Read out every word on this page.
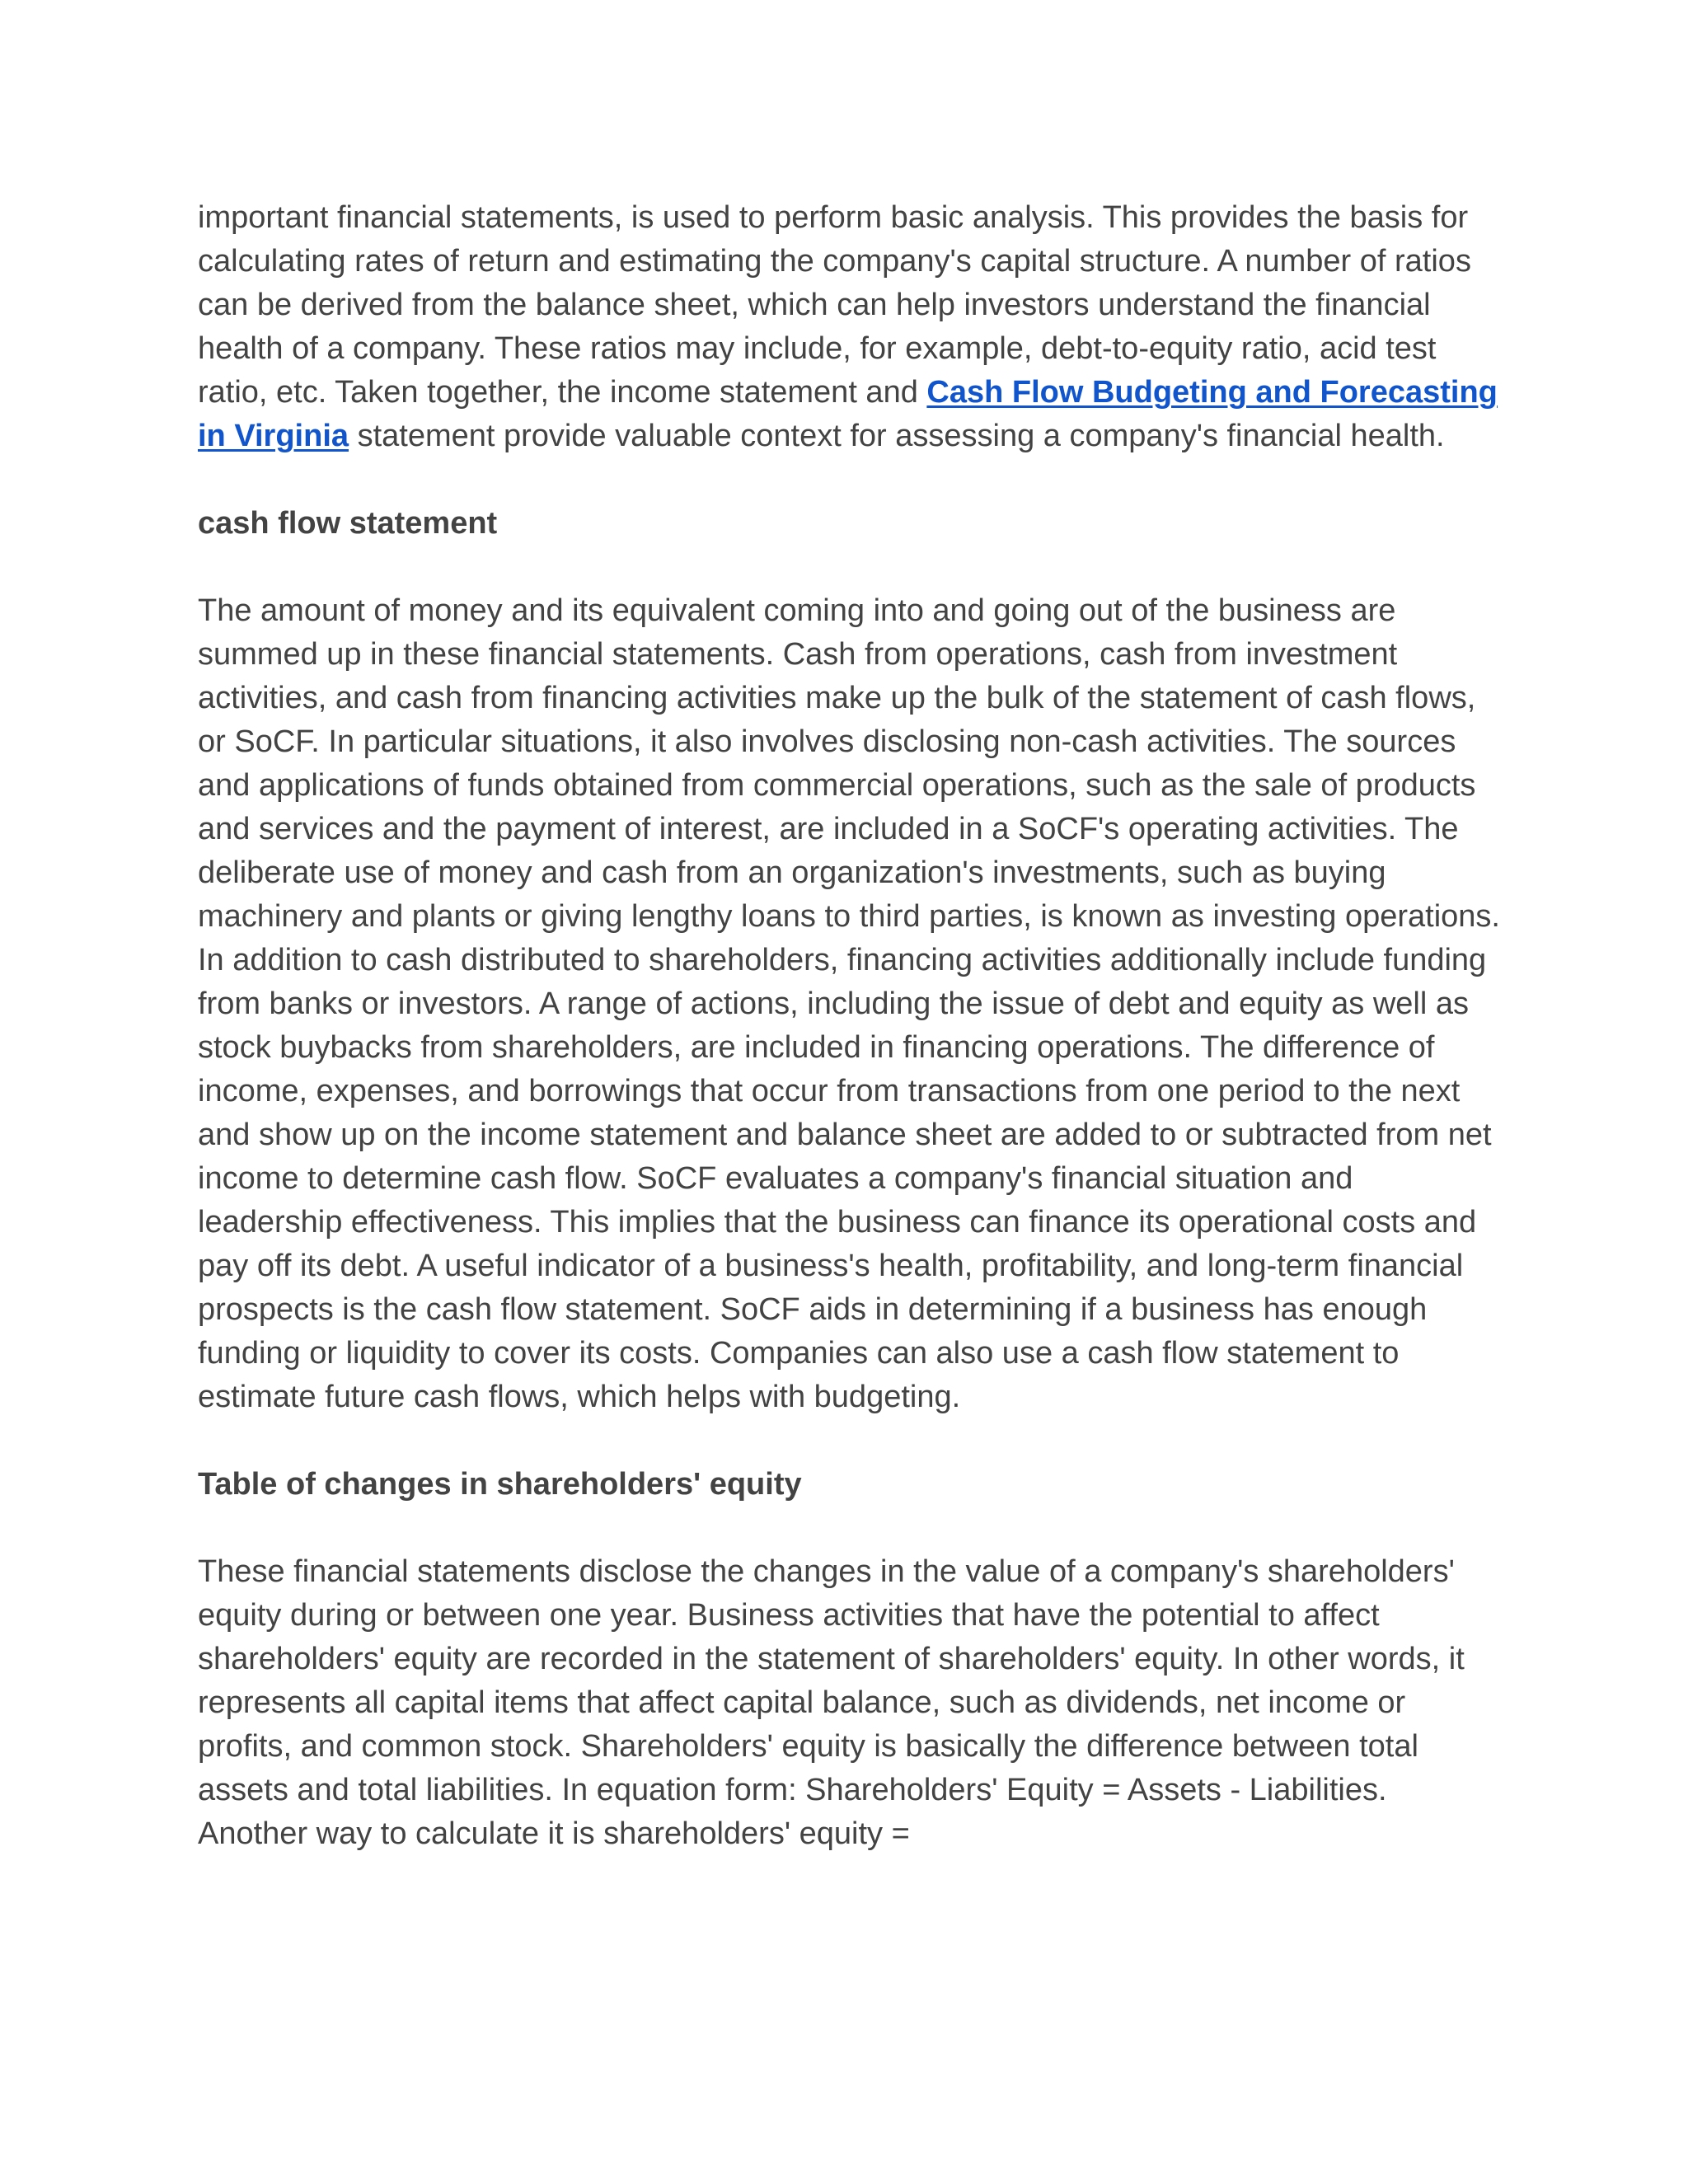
important financial statements, is used to perform basic analysis. This provides the basis for calculating rates of return and estimating the company's capital structure. A number of ratios can be derived from the balance sheet, which can help investors understand the financial health of a company. These ratios may include, for example, debt-to-equity ratio, acid test ratio, etc. Taken together, the income statement and Cash Flow Budgeting and Forecasting in Virginia statement provide valuable context for assessing a company's financial health.

cash flow statement

The amount of money and its equivalent coming into and going out of the business are summed up in these financial statements. Cash from operations, cash from investment activities, and cash from financing activities make up the bulk of the statement of cash flows, or SoCF. In particular situations, it also involves disclosing non-cash activities. The sources and applications of funds obtained from commercial operations, such as the sale of products and services and the payment of interest, are included in a SoCF's operating activities. The deliberate use of money and cash from an organization's investments, such as buying machinery and plants or giving lengthy loans to third parties, is known as investing operations. In addition to cash distributed to shareholders, financing activities additionally include funding from banks or investors. A range of actions, including the issue of debt and equity as well as stock buybacks from shareholders, are included in financing operations. The difference of income, expenses, and borrowings that occur from transactions from one period to the next and show up on the income statement and balance sheet are added to or subtracted from net income to determine cash flow. SoCF evaluates a company's financial situation and leadership effectiveness. This implies that the business can finance its operational costs and pay off its debt. A useful indicator of a business's health, profitability, and long-term financial prospects is the cash flow statement. SoCF aids in determining if a business has enough funding or liquidity to cover its costs. Companies can also use a cash flow statement to estimate future cash flows, which helps with budgeting.

Table of changes in shareholders' equity

These financial statements disclose the changes in the value of a company's shareholders' equity during or between one year. Business activities that have the potential to affect shareholders' equity are recorded in the statement of shareholders' equity. In other words, it represents all capital items that affect capital balance, such as dividends, net income or profits, and common stock. Shareholders' equity is basically the difference between total assets and total liabilities. In equation form: Shareholders' Equity = Assets - Liabilities. Another way to calculate it is shareholders' equity =
